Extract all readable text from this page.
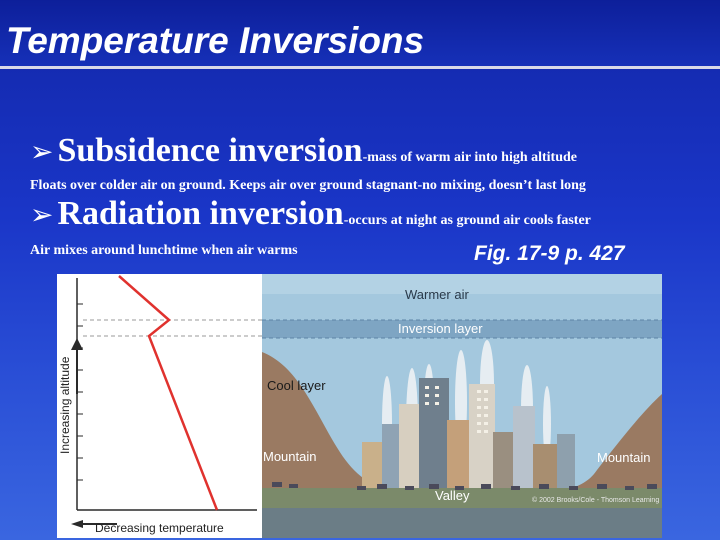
Temperature Inversions
➢ Subsidence inversion-mass of warm air into high altitude
Floats over colder air on ground. Keeps air over ground stagnant-no mixing, doesn’t last long
➢ Radiation inversion-occurs at night as ground air cools faster
Air mixes around lunchtime when air warms	Fig. 17-9 p. 427
Increasing altitude
Decreasing temperature
Warmer air
Inversion layer
Cool layer
Mountain	Mountain
Valley	© 2002 Brooks/Cole - Thomson Learning
